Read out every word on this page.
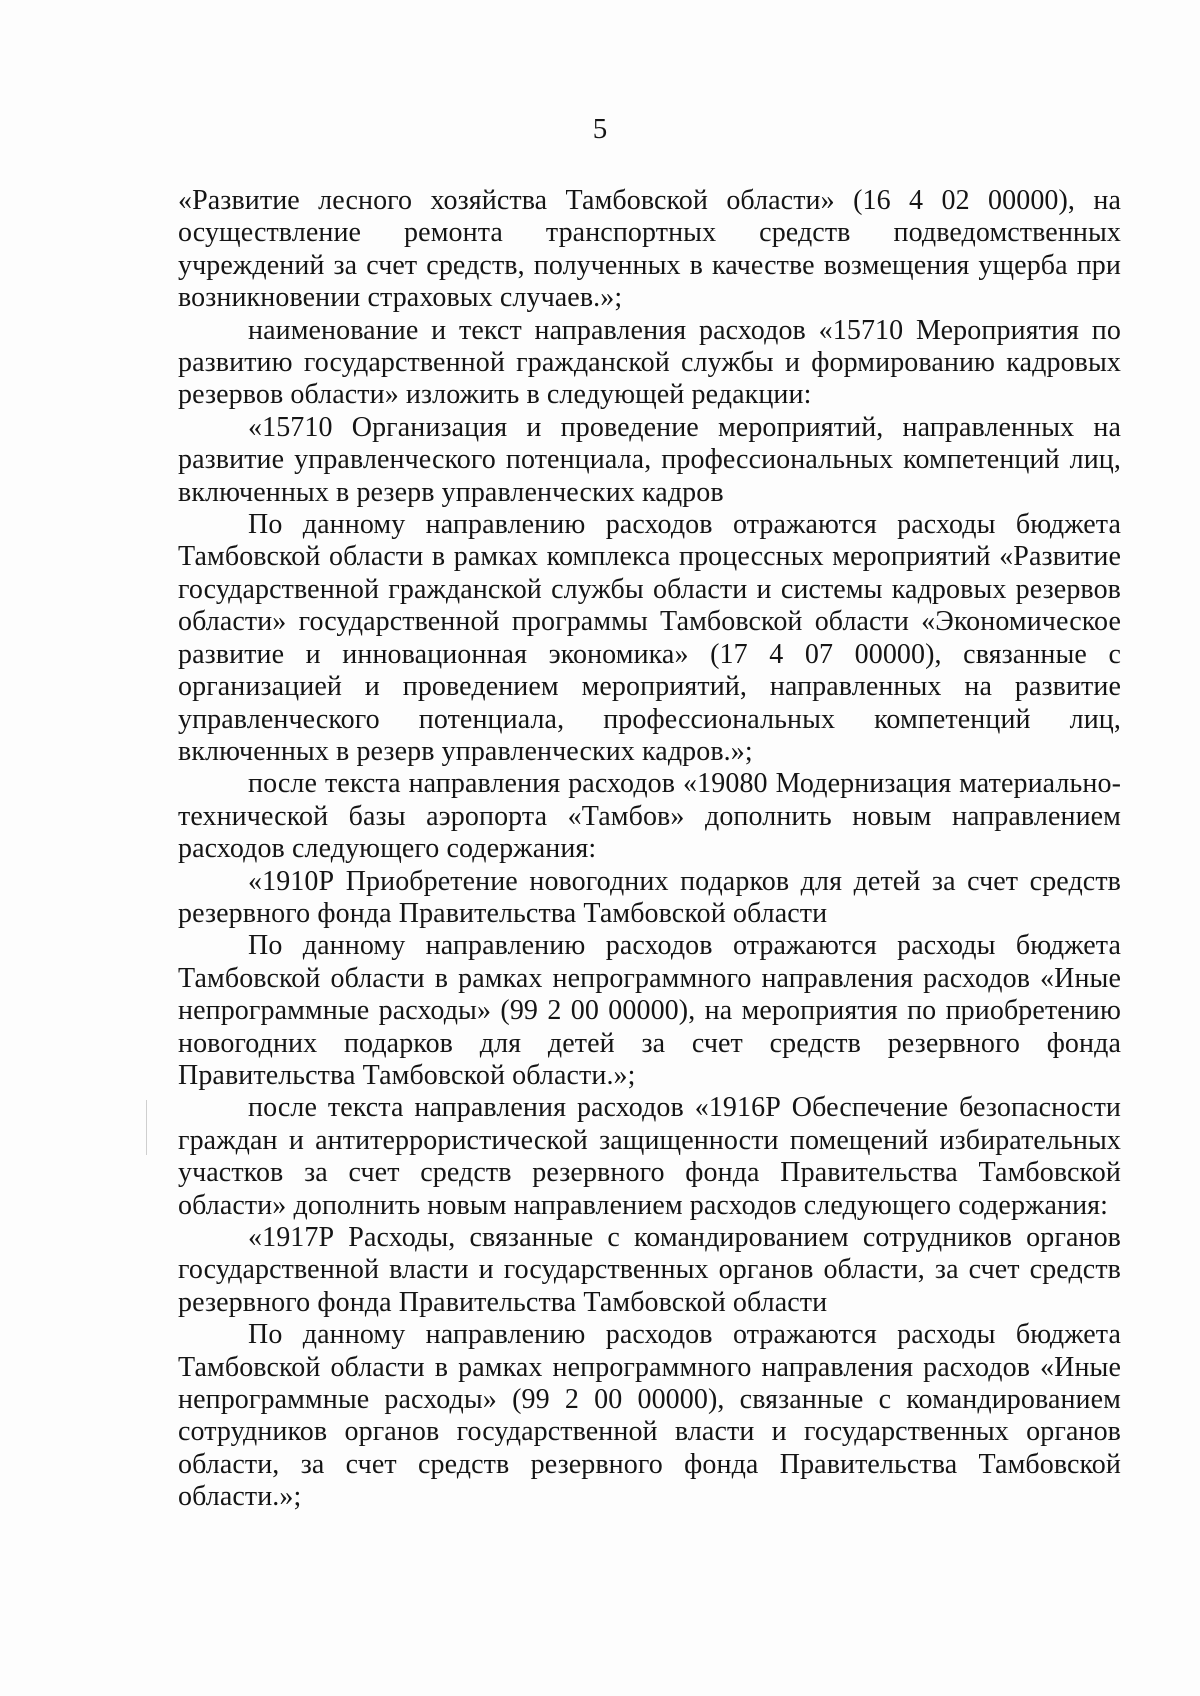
5

«Развитие лесного хозяйства Тамбовской области» (16 4 02 00000), на осуществление ремонта транспортных средств подведомственных учреждений за счет средств, полученных в качестве возмещения ущерба при возникновении страховых случаев.»;

наименование и текст направления расходов «15710 Мероприятия по развитию государственной гражданской службы и формированию кадровых резервов области» изложить в следующей редакции:

«15710 Организация и проведение мероприятий, направленных на развитие управленческого потенциала, профессиональных компетенций лиц, включенных в резерв управленческих кадров

По данному направлению расходов отражаются расходы бюджета Тамбовской области в рамках комплекса процессных мероприятий «Развитие государственной гражданской службы области и системы кадровых резервов области» государственной программы Тамбовской области «Экономическое развитие и инновационная экономика» (17 4 07 00000), связанные с организацией и проведением мероприятий, направленных на развитие управленческого потенциала, профессиональных компетенций лиц, включенных в резерв управленческих кадров.»;

после текста направления расходов «19080 Модернизация материально-технической базы аэропорта «Тамбов» дополнить новым направлением расходов следующего содержания:

«1910Р Приобретение новогодних подарков для детей за счет средств резервного фонда Правительства Тамбовской области

По данному направлению расходов отражаются расходы бюджета Тамбовской области в рамках непрограммного направления расходов «Иные непрограммные расходы» (99 2 00 00000), на мероприятия по приобретению новогодних подарков для детей за счет средств резервного фонда Правительства Тамбовской области.»;

после текста направления расходов «1916Р Обеспечение безопасности граждан и антитеррористической защищенности помещений избирательных участков за счет средств резервного фонда Правительства Тамбовской области» дополнить новым направлением расходов следующего содержания:

«1917Р Расходы, связанные с командированием сотрудников органов государственной власти и государственных органов области, за счет средств резервного фонда Правительства Тамбовской области

По данному направлению расходов отражаются расходы бюджета Тамбовской области в рамках непрограммного направления расходов «Иные непрограммные расходы» (99 2 00 00000), связанные с командированием сотрудников органов государственной власти и государственных органов области, за счет средств резервного фонда Правительства Тамбовской области.»;
